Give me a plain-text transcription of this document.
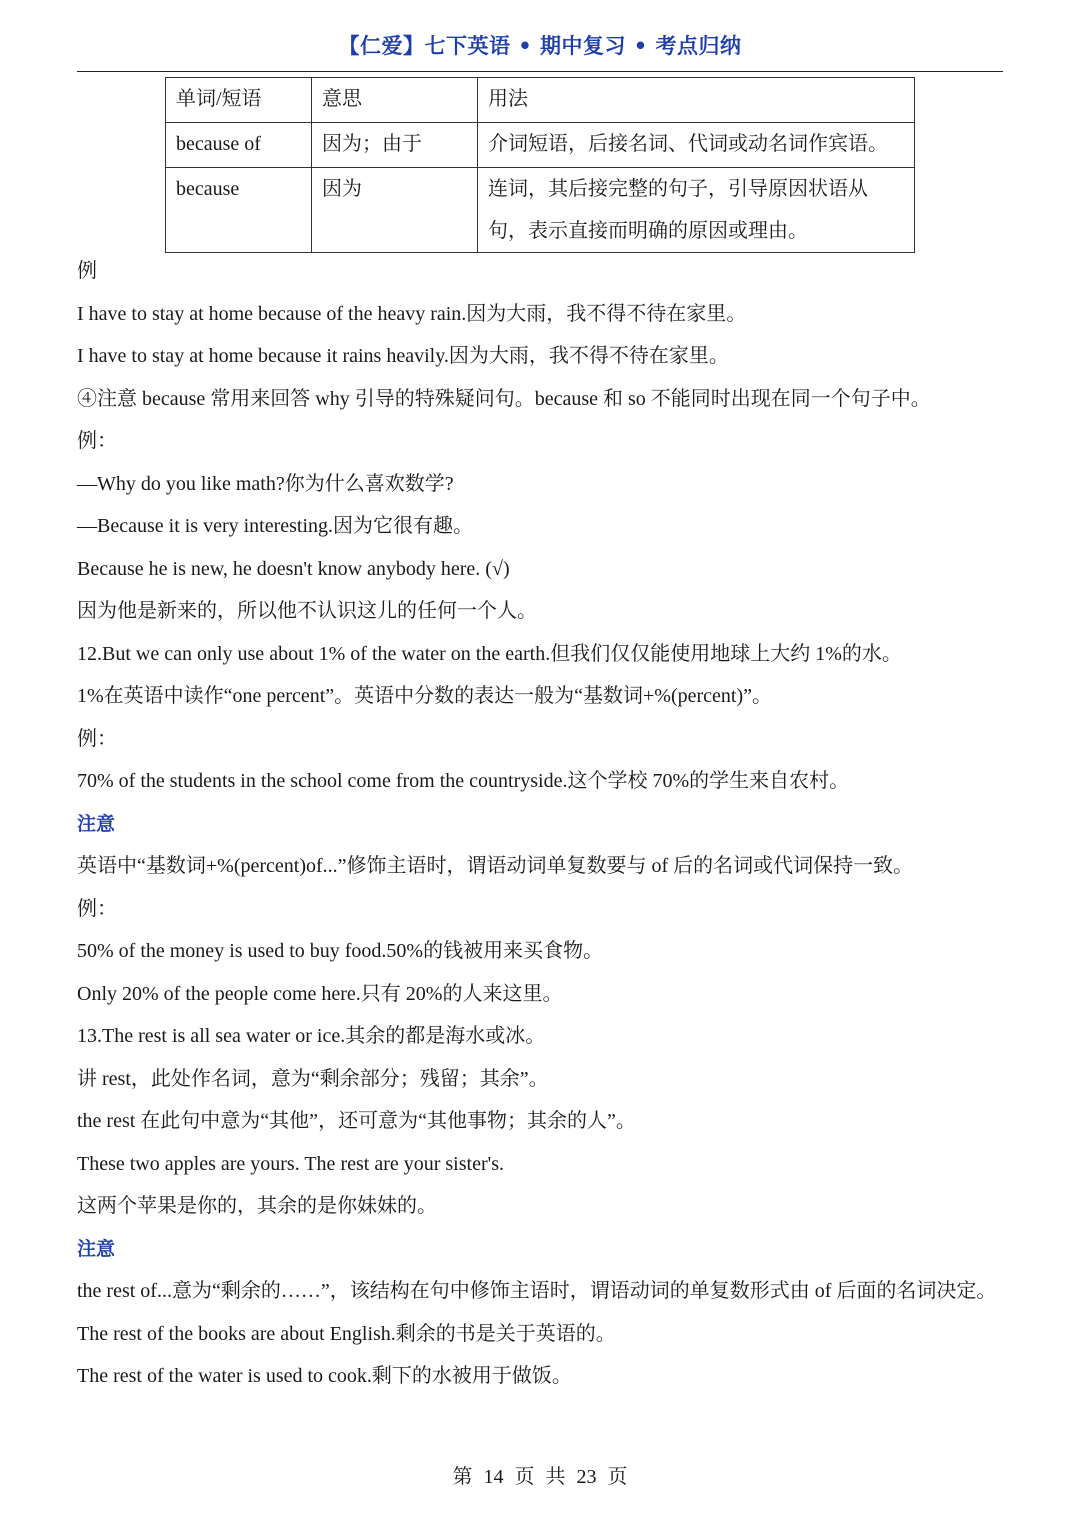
【仁爱】七下英语 • 期中复习 • 考点归纳
单词/短语	意思	用法
because of	因为；由于	介词短语，后接名词、代词或动名词作宾语。
because	因为	连词，其后接完整的句子，引导原因状语从句，表示直接而明确的原因或理由。

例

I have to stay at home because of the heavy rain.因为大雨，我不得不待在家里。

I have to stay at home because it rains heavily.因为大雨，我不得不待在家里。

④注意 because 常用来回答 why 引导的特殊疑问句。because 和 so 不能同时出现在同一个句子中。

例：

—Why do you like math?你为什么喜欢数学?

—Because it is very interesting.因为它很有趣。

Because he is new, he doesn't know anybody here. (√)

因为他是新来的，所以他不认识这儿的任何一个人。

12.But we can only use about 1% of the water on the earth.但我们仅仅能使用地球上大约 1%的水。

1%在英语中读作“one percent”。英语中分数的表达一般为“基数词+%(percent)”。

例：

70% of the students in the school come from the countryside.这个学校 70%的学生来自农村。

注意

英语中“基数词+%(percent)of...”修饰主语时，谓语动词单复数要与 of 后的名词或代词保持一致。

例：

50% of the money is used to buy food.50%的钱被用来买食物。

Only 20% of the people come here.只有 20%的人来这里。

13.The rest is all sea water or ice.其余的都是海水或冰。

讲 rest，此处作名词，意为“剩余部分；残留；其余”。

the rest 在此句中意为“其他”，还可意为“其他事物；其余的人”。

These two apples are yours. The rest are your sister's.

这两个苹果是你的，其余的是你妹妹的。

注意

the rest of...意为“剩余的……”，该结构在句中修饰主语时，谓语动词的单复数形式由 of 后面的名词决定。

The rest of the books are about English.剩余的书是关于英语的。

The rest of the water is used to cook.剩下的水被用于做饭。

第 14 页 共 23 页
